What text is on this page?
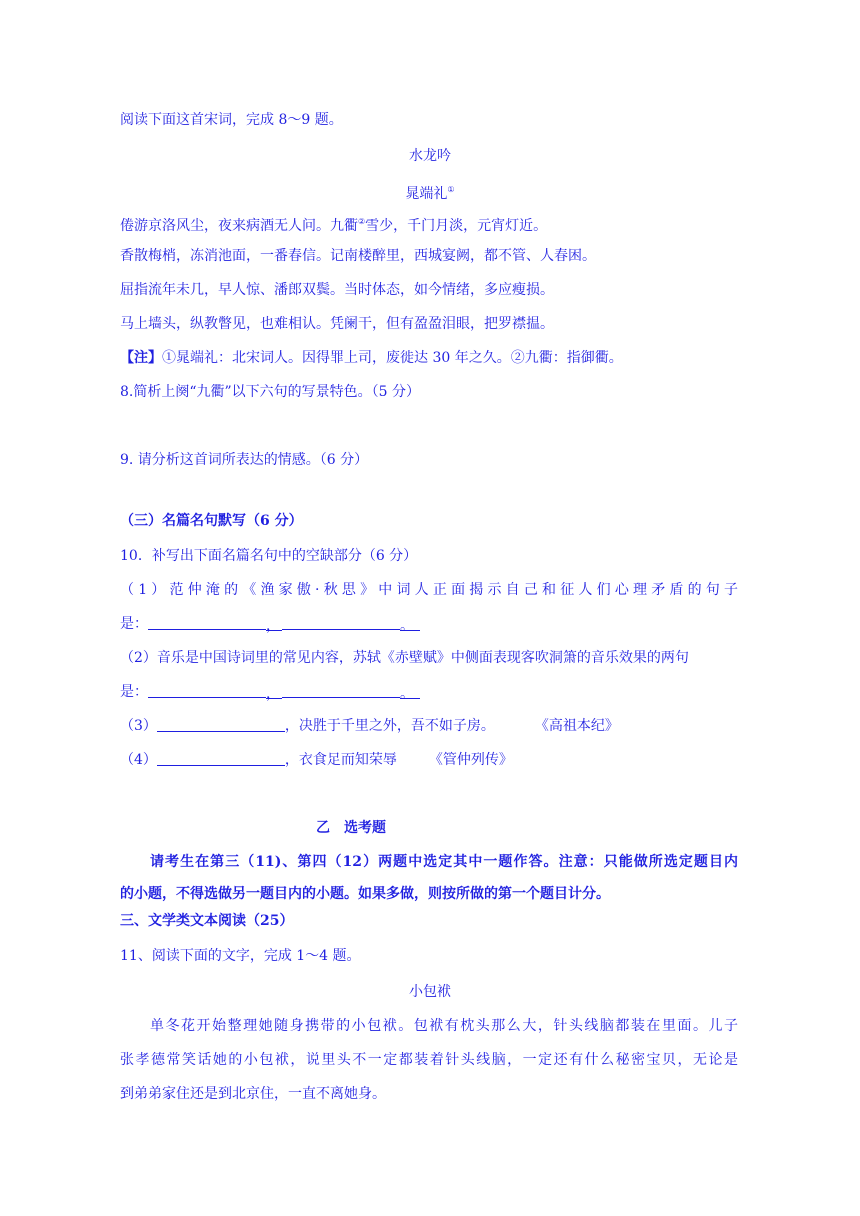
阅读下面这首宋词，完成 8～9 题。
水龙吟
晁端礼①
倦游京洛风尘，夜来病酒无人问。九衢②雪少，千门月淡，元宵灯近。
香散梅梢，冻消池面，一番春信。记南楼醉里，西城宴阙，都不管、人春困。
屈指流年未几，早人惊、潘郎双鬓。当时体态，如今情绪，多应瘦损。
马上墙头，纵教瞥见，也难相认。凭阑干，但有盈盈泪眼，把罗襟揾。
【注】①晁端礼：北宋词人。因得罪上司，废徙达 30 年之久。②九衢：指御衢。
8.简析上阕“九衢”以下六句的写景特色。（5 分）
9. 请分析这首词所表达的情感。（6 分）
（三）名篇名句默写（6 分）
10．补写出下面名篇名句中的空缺部分（6 分）
（1）范仲淹的《渔家傲·秋思》中词人正面揭示自己和征人们心理矛盾的句子
是：	，	。
（2）音乐是中国诗词里的常见内容，苏轼《赤壁赋》中侧面表现客吹洞箫的音乐效果的两句
是：	，	。
（3）	，决胜于千里之外，吾不如子房。	《高祖本纪》
（4）	，衣食足而知荣辱 《管仲列传》
乙　选考题
请考生在第三（11)、第四（12）两题中选定其中一题作答。注意：只能做所选定题目内
的小题，不得选做另一题目内的小题。如果多做，则按所做的第一个题目计分。
三、文学类文本阅读（25）
11、阅读下面的文字，完成 1～4 题。
小包袱
单冬花开始整理她随身携带的小包袱。包袱有枕头那么大，针头线脑都装在里面。儿子
张孝德常笑话她的小包袱，说里头不一定都装着针头线脑，一定还有什么秘密宝贝，无论是
到弟弟家住还是到北京住，一直不离她身。
